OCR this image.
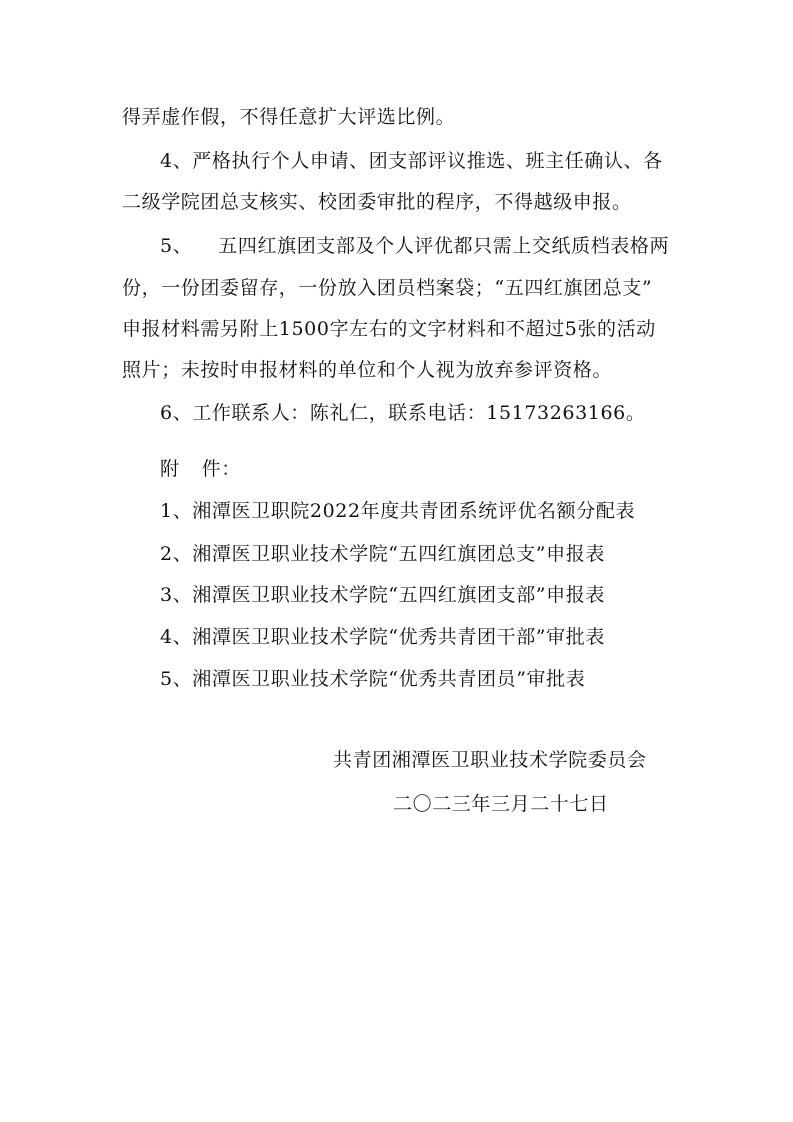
得弄虚作假，不得任意扩大评选比例。
4、严格执行个人申请、团支部评议推选、班主任确认、各
二级学院团总支核实、校团委审批的程序，不得越级申报。
5、 五四红旗团支部及个人评优都只需上交纸质档表格两
份，一份团委留存，一份放入团员档案袋；“五四红旗团总支”
申报材料需另附上1500字左右的文字材料和不超过5张的活动
照片；未按时申报材料的单位和个人视为放弃参评资格。
6、工作联系人：陈礼仁，联系电话：15173263166。
附 件：
1、湘潭医卫职院2022年度共青团系统评优名额分配表
2、湘潭医卫职业技术学院“五四红旗团总支”申报表
3、湘潭医卫职业技术学院“五四红旗团支部”申报表
4、湘潭医卫职业技术学院“优秀共青团干部”审批表
5、湘潭医卫职业技术学院“优秀共青团员”审批表
共青团湘潭医卫职业技术学院委员会
二〇二三年三月二十七日
